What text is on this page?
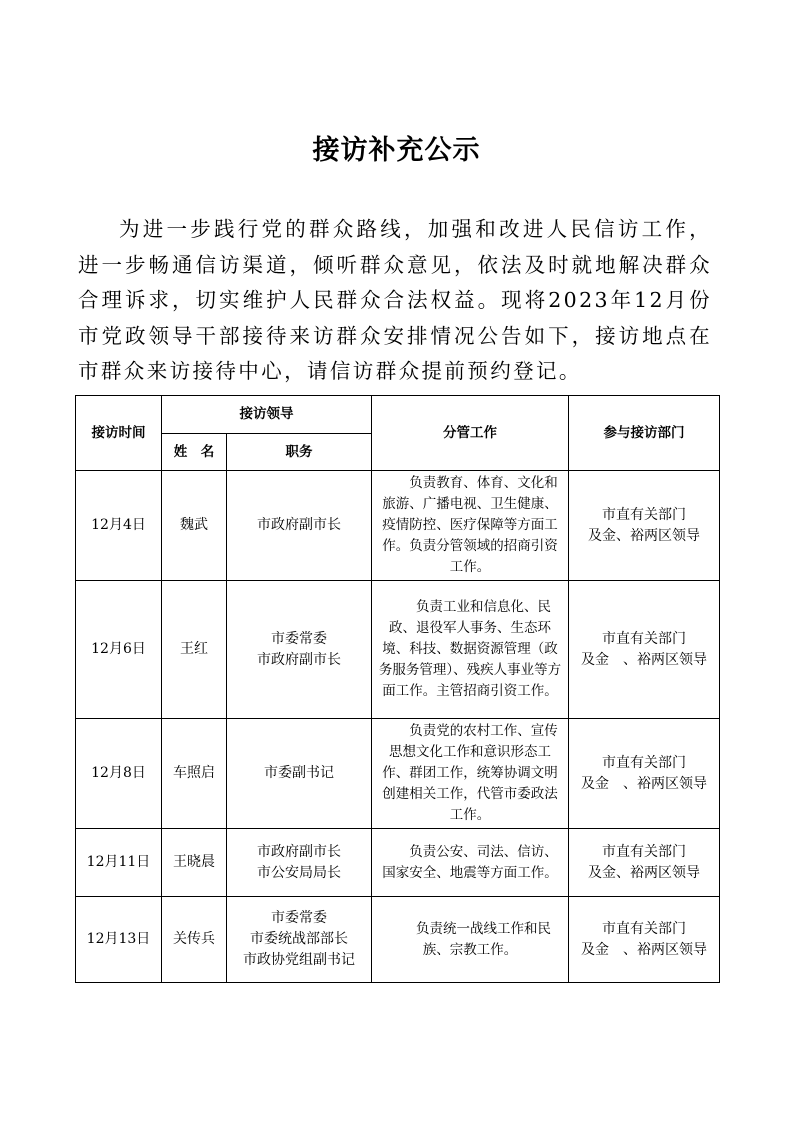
接访补充公示

为进一步践行党的群众路线，加强和改进人民信访工作，进一步畅通信访渠道，倾听群众意见，依法及时就地解决群众合理诉求，切实维护人民群众合法权益。现将2023年12月份市党政领导干部接待来访群众安排情况公告如下，接访地点在市群众来访接待中心，请信访群众提前预约登记。

接访时间	接访领导		分管工作	参与接访部门
	姓　名	职务		
12月4日	魏武	市政府副市长	负责教育、体育、文化和旅游、广播电视、卫生健康、疫情防控、医疗保障等方面工作。负责分管领域的招商引资工作。	市直有关部门
及金、裕两区领导

12月6日	王红	市委常委
市政府副市长	负责工业和信息化、民政、退役军人事务、生态环境、科技、数据资源管理（政务服务管理）、残疾人事业等方面工作。主管招商引资工作。	市直有关部门
及金　、裕两区领导

12月8日	车照启	市委副书记	负责党的农村工作、宣传思想文化工作和意识形态工作、群团工作，统筹协调文明创建相关工作，代管市委政法工作。	市直有关部门
及金　、裕两区领导

12月11日	王晓晨	市政府副市长
市公安局局长	负责公安、司法、信访、国家安全、地震等方面工作。	市直有关部门
及金、裕两区领导

12月13日	关传兵	市委常委
市委统战部部长
市政协党组副书记	负责统一战线工作和民族、宗教工作。	市直有关部门
及金　、裕两区领导
